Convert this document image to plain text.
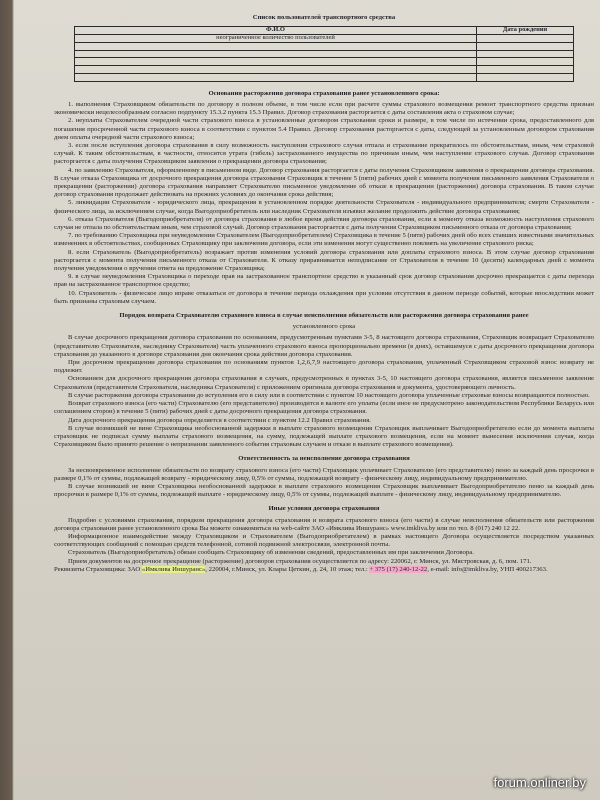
Список пользователей транспортного средства
Ф.И.О	Дата рождения
неограниченное количество пользователей	

Основания расторжения договора страхования ранее установленного срока:

1. выполнения Страховщиком обязательств по договору в полном объеме, в том числе если при расчете суммы страхового возмещения ремонт транспортного средства признан экономически нецелесообразным согласно подпункту 15.3.2 пункта 15.3 Правил. Договор страхования расторгается с даты составления акта о страховом случае;

2. неуплаты Страхователем очередной части страхового взноса в установленные договором страхования сроки и размере, в том числе по истечении срока, предоставленного для погашения просроченной части страхового взноса в соответствии с пунктом 5.4 Правил. Договор страхования расторгается с даты, следующей за установленным договором страхования днем оплаты очередной части страхового взноса;

3. если после вступления договора страхования в силу возможность наступления страхового случая отпала и страхование прекратилось по обстоятельствам, иным, чем страховой случай. К таким обстоятельствам, в частности, относится утрата (гибель) застрахованного имущества по причинам иным, чем наступление страхового случая. Договор страхования расторгается с даты получения Страховщиком заявления о прекращении договора страхования;

4. по заявлению Страхователя, оформленному в письменном виде. Договор страхования расторгается с даты получения Страховщиком заявления о прекращении договора страхования. В случае отказа Страховщика от досрочного прекращения договора страхования Страховщик в течение 5 (пяти) рабочих дней с момента получения письменного заявления Страхователя о прекращении (расторжении) договора страхования направляет Страхователю письменное уведомление об отказе в прекращении (расторжении) договора страхования. В таком случае договор страхования продолжает действовать на прежних условиях до окончания срока действия;

5. ликвидации Страхователя - юридического лица, прекращения в установленном порядке деятельности Страхователя - индивидуального предпринимателя; смерти Страхователя - физического лица, за исключением случае, когда Выгодоприобретатель или наследник Страхователя изъявил желание продолжить действие договора страхования;

6. отказа Страхователя (Выгодоприобретателя) от договора страхования в любое время действия договора страхования, если к моменту отказа возможность наступления страхового случая не отпала по обстоятельствам иным, чем страховой случай. Договор страхования расторгается с даты получения Страховщиком письменного отказа от договора страхования;

7. по требованию Страховщика при неуведомлении Страхователем (Выгодоприобретателем) Страховщика в течение 5 (пяти) рабочих дней обо всех ставших известными значительных изменениях в обстоятельствах, сообщенных Страховщику при заключении договора, если эти изменения могут существенно повлиять на увеличение страхового риска;

8. если Страхователь (Выгодоприобретатель) возражает против изменения условий договора страхования или доплаты страхового взноса. В этом случае договор страхования расторгается с момента получения письменного отказа от Страхователя. К отказу приравнивается неподписание от Страхователя в течение 10 (десяти) календарных дней с момента получения уведомления о вручении ответа на предложение Страховщика;

9. в случае неуведомления Страховщика о переходе прав на застрахованное транспортное средство в указанный срок договор страхования досрочно прекращается с даты перехода прав на застрахованное транспортное средство;

10. Страхователь - физическое лицо вправе отказаться от договора в течение периода охлаждения при условии отсутствия в данном периоде событий, которые впоследствии может быть признаны страховым случаем.

Порядок возврата Страхователю страхового взноса в случае неисполнения обязательств или расторжения договора страхования ранее
установленного срока

В случае досрочного прекращения договора страхования по основаниям, предусмотренным пунктами 3-5, 8 настоящего договора страхования, Страховщик возвращает Страхователю (представителю Страхователя, наследнику Страхователя) часть уплаченного страхового взноса пропорционально времени (в днях), оставшемуся с даты досрочного прекращения договора страхования до указанного в договоре страхования дня окончания срока действия договора страхования.

При досрочном прекращении договора страхования по основаниям пунктов 1,2,6,7,9 настоящего договора страхования, уплаченный Страховщиком страховой взнос возврату не подлежит.

Основанием для досрочного прекращения договора страхования в случаях, предусмотренных в пунктах 3-5, 10 настоящего договора страхования, является письменное заявление Страхователя (представителя Страхователя, наследника Страхователя) с приложением оригинала договора страхования и документа, удостоверяющего личность.

В случае расторжения договора страхования до вступления его в силу или в соответствии с пунктом 10 настоящего договора уплаченные страховые взносы возвращаются полностью.

Возврат страхового взноса (его части) Страхователю (его представителю) производится в валюте его уплаты (если иное не предусмотрено законодательством Республики Беларусь или соглашением сторон) в течение 5 (пяти) рабочих дней с даты досрочного прекращения договора страхования.

Дата досрочного прекращения договора определяется в соответствии с пунктом 12.2 Правил страхования.

В случае возникшей не вине Страховщика необоснованной задержки в выплате страхового возмещения Страховщик выплачивает Выгодоприобретателю если до момента выплаты страховщик не подписал сумму выплаты страхового возмещения, на сумму, подлежащей выплате страхового возмещения, если на момент вынесения исключения случая, когда Страховщиком было принято решение о непризнании заявленного события страховым случаем и отказе в выплате страхового возмещения).

Ответственность за неисполнение договора страхования

За несвоевременное исполнение обязательств по возврату страхового взноса (его части) Страховщик уплачивает Страхователю (его представителю) пеню за каждый день просрочки в размере 0,1% от суммы, подлежащей возврату - юридическому лицу, 0,5% от суммы, подлежащей возврату - физическому лицу, индивидуальному предпринимателю.

В случае возникшей не вине Страховщика необоснованной задержки в выплате страхового возмещения Страховщик выплачивает Выгодоприобретателю пеню за каждый день просрочки в размере 0,1% от суммы, подлежащей выплате - юридическому лицу, 0,5% от суммы, подлежащей выплате - физическому лицу, индивидуальному предпринимателю.

Иные условия договора страхования

Подробно с условиями страхования, порядком прекращения договора страхования и возврата страхового взноса (его части) в случае неисполнения обязательств или расторжения договора страхования ранее установленного срока Вы можете ознакомиться на web-сайте ЗАО «Имклива Иншуранс» www.imkliva.by или по тел. 8 (017) 240 12 22.

Информационное взаимодействие между Страховщиком и Страхователем (Выгодоприобретателем) в рамках настоящего Договора осуществляется посредством указанных соответствующих сообщений с помощью средств телефонной, сотовой подвижной электросвязи, электронной почты.

Страхователь (Выгодоприобретатель) обязан сообщать Страховщику об изменении сведений, предоставленных им при заключении Договора.

Прием документов на досрочное прекращение (расторжение) договоров страхования осуществляется по адресу: 220062, г. Минск, ул. Мястровская, д. 6, пом. 171.

Реквизиты Страховщика: ЗАО «Имклива Иншуранс», 220004, г.Минск, ул. Клары Цеткин, д. 24, 10 этаж; тел.: + 375 (17) 240-12-22, e-mail: info@imkliva.by, УНП 400217363.

forum.onliner.by
